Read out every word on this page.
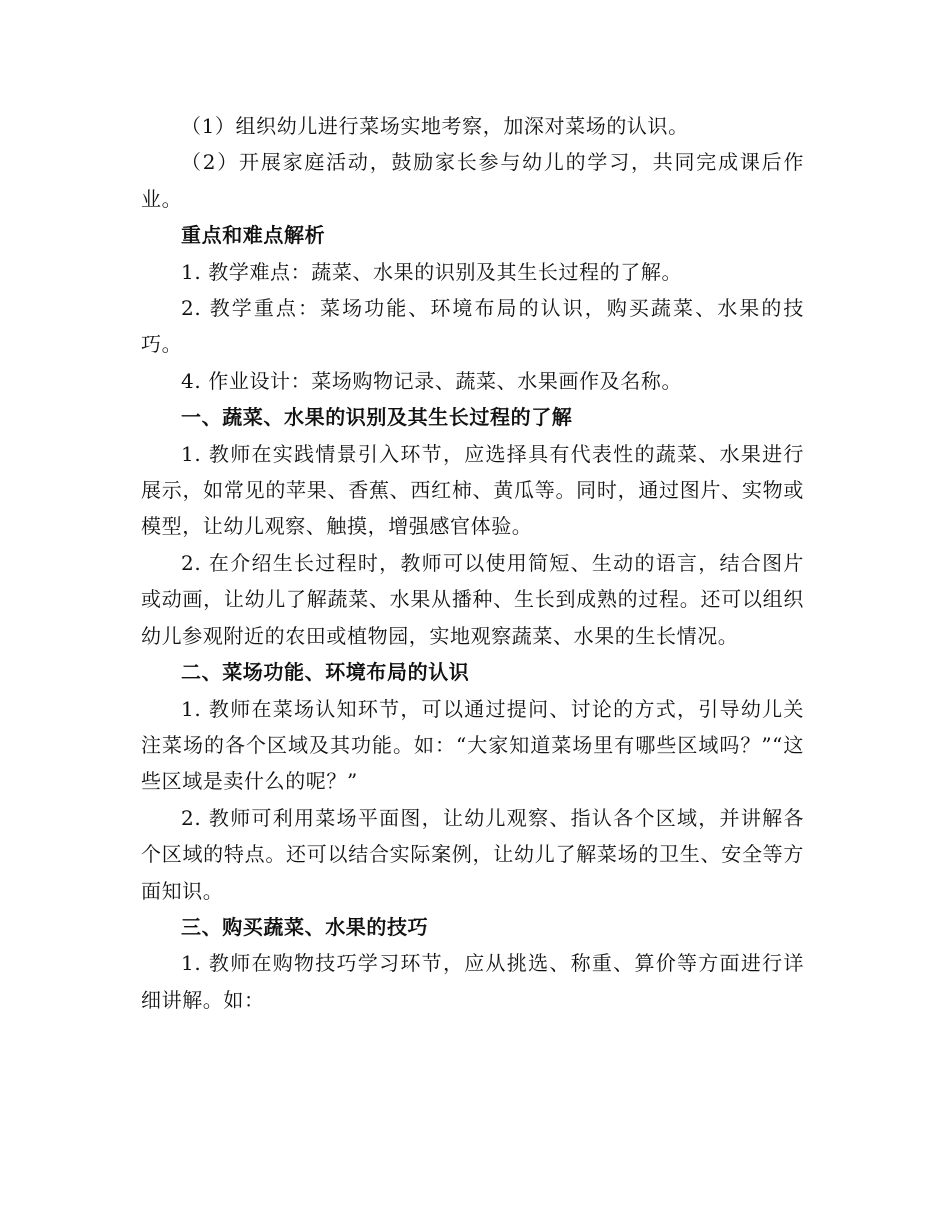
（1）组织幼儿进行菜场实地考察，加深对菜场的认识。

（2）开展家庭活动，鼓励家长参与幼儿的学习，共同完成课后作业。

重点和难点解析

1. 教学难点：蔬菜、水果的识别及其生长过程的了解。

2. 教学重点：菜场功能、环境布局的认识，购买蔬菜、水果的技巧。

4. 作业设计：菜场购物记录、蔬菜、水果画作及名称。

一、蔬菜、水果的识别及其生长过程的了解

1. 教师在实践情景引入环节，应选择具有代表性的蔬菜、水果进行展示，如常见的苹果、香蕉、西红柿、黄瓜等。同时，通过图片、实物或模型，让幼儿观察、触摸，增强感官体验。

2. 在介绍生长过程时，教师可以使用简短、生动的语言，结合图片或动画，让幼儿了解蔬菜、水果从播种、生长到成熟的过程。还可以组织幼儿参观附近的农田或植物园，实地观察蔬菜、水果的生长情况。

二、菜场功能、环境布局的认识

1. 教师在菜场认知环节，可以通过提问、讨论的方式，引导幼儿关注菜场的各个区域及其功能。如：“大家知道菜场里有哪些区域吗？”“这些区域是卖什么的呢？”

2. 教师可利用菜场平面图，让幼儿观察、指认各个区域，并讲解各个区域的特点。还可以结合实际案例，让幼儿了解菜场的卫生、安全等方面知识。

三、购买蔬菜、水果的技巧

1. 教师在购物技巧学习环节，应从挑选、称重、算价等方面进行详细讲解。如：
